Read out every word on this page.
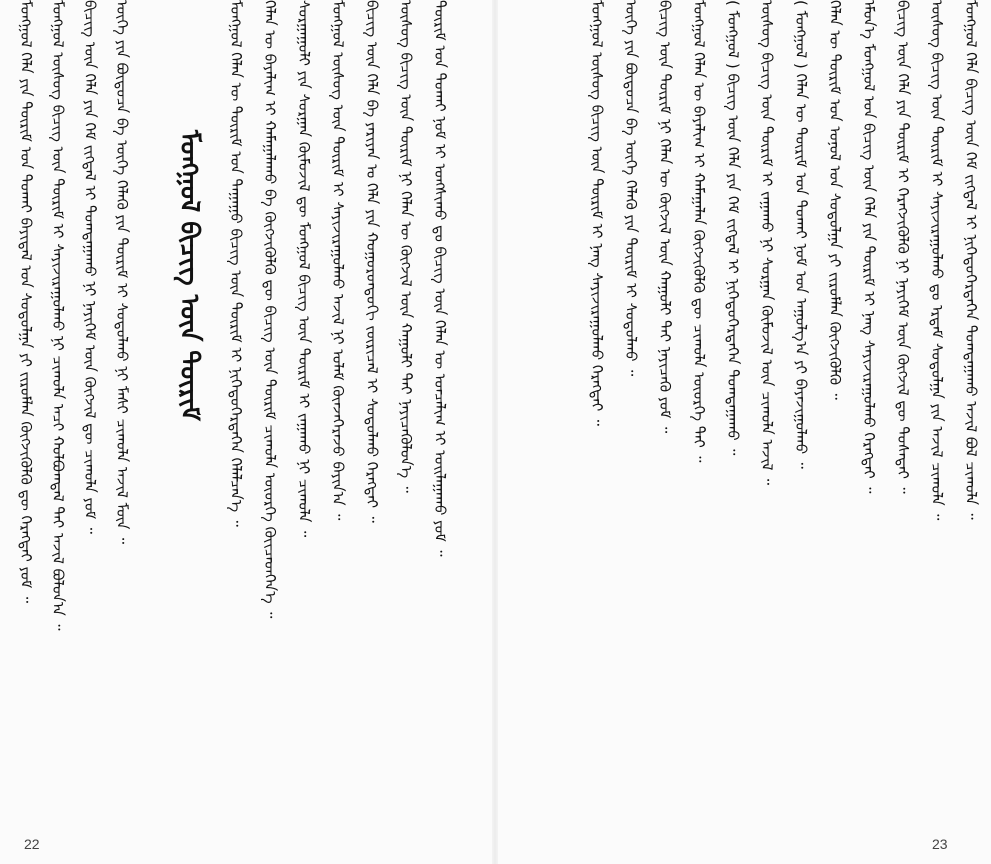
ᠮᠣᠩᠭᠣᠯ ᠬᠡᠯᠡ ᠶᠢᠨ ᠳᠦᠷᠢᠮ ᠤᠨ ᠲᠤᠬᠠᠢ ᠪᠠᠶᠢᠳᠠᠯ ᠤᠨ ᠰᠤᠳᠤᠯᠭᠠ ᠶᠢ ᠵᠢᠷᠤᠮᠯᠠᠨ ᠬᠥᠭᠵᠢᠭᠦᠯᠬᠦ ᠳᠦ ᠬᠡᠷᠡᠭᠲᠡᠢ ᠶᠤᠮ ᠃ ᠮᠣᠩᠭᠣᠯ ᠦᠰᠦᠭ ᠪᠢᠴᠢᠭ ᠦᠨ ᠳᠦᠷᠢᠮ ᠢ ᠰᠠᠶᠢᠵᠢᠷᠠᠭᠤᠯᠬᠤ ᠨᠢ ᠴᠢᠬᠤᠯᠠ ᠠᠴᠢ ᠬᠣᠯᠪᠣᠭᠳᠠᠯ ᠲᠠᠢ ᠠᠵᠢᠯ ᠪᠣᠯᠤᠨ᠎ᠠ ᠃ ᠪᠢᠴᠢᠭ ᠦᠨ ᠬᠡᠯᠡ ᠶᠢᠨ ᠬᠡᠮ ᠵᠢᠭᠳᠡᠯ ᠢ ᠲᠣᠭᠲᠠᠭᠠᠬᠤ ᠨᠢ ᠨᠡᠶᠢᠭᠡᠮ ᠦᠨ ᠬᠥᠭᠵᠢᠯ ᠳᠦ ᠴᠢᠬᠤᠯᠠ ᠶᠤᠮ ᠃ ᠦᠭᠡ ᠶᠢᠨ ᠪᠦᠲᠦᠴᠡ ᠪᠠ ᠦᠭᠡ ᠬᠡᠯᠡᠬᠦ ᠶᠢᠨ ᠳᠦᠷᠢᠮ ᠢ ᠰᠤᠳᠤᠯᠬᠤ ᠨᠢ ᠮᠠᠰᠢ ᠴᠢᠬᠤᠯᠠ ᠠᠵᠢᠯ ᠮᠥᠨ ᠃ ᠮᠣᠩᠭᠣᠯ ᠪᠢᠴᠢᠭ ᠦᠨ ᠳᠦᠷᠢᠮ ᠮᠣᠩᠭᠣᠯ ᠬᠡᠯᠡᠨ ᠦ ᠳᠦᠷᠢᠮ ᠤᠨ ᠳᠠᠭᠠᠭᠤ ᠪᠢᠴᠢᠭ ᠦᠨ ᠳᠦᠷᠢᠮ ᠢ ᠨᠢᠭᠡᠳᠦᠭᠡᠷᠲᠡᠭᠡᠨ ᠬᠡᠯᠡᠯᠴᠡᠨ᠎ᠡ ᠃ ᠬᠡᠯᠡᠨ ᠦ ᠪᠠᠶᠠᠯᠢᠭ ᠢ ᠬᠠᠮᠠᠭᠠᠯᠠᠬᠤ ᠪᠠ ᠬᠥᠭᠵᠢᠭᠦᠯᠬᠦ ᠳᠦ ᠪᠢᠴᠢᠭ ᠦᠨ ᠳᠦᠷᠢᠮ ᠴᠢᠬᠤᠯᠠ ᠦᠦᠷᠭᠡ ᠭᠦᠢᠴᠡᠳᠭᠡᠨ᠎ᠡ ᠃ ᠰᠤᠷᠭᠠᠭᠤᠯᠢ ᠶᠢᠨ ᠰᠤᠷᠭᠠᠨ ᠬᠦᠮᠦᠵᠢᠯ ᠳᠦ ᠮᠣᠩᠭᠣᠯ ᠪᠢᠴᠢᠭ ᠦᠨ ᠳᠦᠷᠢᠮ ᠢ ᠵᠠᠭᠠᠬᠤ ᠨᠢ ᠴᠢᠬᠤᠯᠠ ᠃ ᠮᠣᠩᠭᠣᠯ ᠦᠰᠦᠭ ᠦᠨ ᠳᠦᠷᠢᠮ ᠢ ᠰᠠᠶᠢᠵᠢᠷᠠᠭᠤᠯᠬᠤ ᠠᠵᠢᠯ ᠨᠢ ᠤᠯᠠᠮ ᠭᠦᠨᠵᠡᠭᠡᠷᠡᠵᠦ ᠪᠠᠶᠢᠨ᠎ᠠ ᠃ ᠪᠢᠴᠢᠭ ᠦᠨ ᠬᠡᠯᠡ ᠪᠠ ᠶᠠᠷᠢᠶᠠᠨ ᠤ ᠬᠡᠯᠡ ᠶᠢᠨ ᠬᠣᠭᠣᠷᠤᠨᠳᠤᠬᠢ ᠵᠥᠷᠢᠴᠡᠯ ᠢ ᠰᠤᠳᠤᠯᠬᠤ ᠬᠡᠷᠡᠭᠲᠡᠢ ᠃ ᠦᠰᠦᠭ ᠪᠢᠴᠢᠭ ᠦᠨ ᠳᠦᠷᠢᠮ ᠨᠢ ᠬᠡᠯᠡᠨ ᠦ ᠬᠥᠭᠵᠢᠯ ᠦᠨ ᠬᠠᠭᠤᠯᠢ ᠲᠠᠢ ᠨᠡᠶᠢᠴᠡᠭᠦᠯᠦᠨ᠎ᠡ ᠃ ᠳᠦᠷᠢᠮ ᠤᠨ ᠲᠤᠬᠠᠢ ᠨᠣᠮ ᠢ ᠤᠩᠰᠢᠬᠤ ᠳᠤ ᠪᠢᠴᠢᠭ ᠦᠨ ᠬᠡᠯᠡᠨ ᠦ ᠣᠨᠴᠠᠯᠢᠭ ᠢ ᠣᠢᠯᠠᠭᠠᠬᠤ ᠶᠤᠮ ᠃
22
ᠮᠣᠩᠭᠣᠯ ᠬᠡᠯᠡ ᠪᠢᠴᠢᠭ ᠦᠨ ᠬᠡᠮ ᠵᠢᠭᠳᠡᠯ ᠢ ᠨᠢᠭᠡᠳᠦᠭᠡᠷᠲᠡᠭᠡᠨ ᠲᠣᠭᠲᠠᠭᠠᠬᠤ ᠠᠵᠢᠯ ᠪᠣᠯ ᠴᠢᠬᠤᠯᠠ ᠃
ᠦᠰᠦᠭ ᠪᠢᠴᠢᠭ ᠦᠨ ᠳᠦᠷᠢᠮ ᠢ ᠰᠠᠶᠢᠵᠢᠷᠠᠭᠤᠯᠬᠤ ᠳᠤ ᠡᠷᠳᠡᠮ ᠰᠤᠳᠤᠯᠭᠠ ᠶᠢᠨ ᠠᠵᠢᠯ ᠴᠢᠬᠤᠯᠠ ᠃
ᠪᠢᠴᠢᠭ ᠦᠨ ᠬᠡᠯᠡ ᠶᠢᠨ ᠳᠦᠷᠢᠮ ᠢ ᠬᠡᠷᠡᠭᠵᠢᠭᠦᠯᠬᠦ ᠨᠢ ᠨᠡᠶᠢᠭᠡᠮ ᠦᠨ ᠬᠥᠭᠵᠢᠯ ᠳᠦ ᠲᠤᠰᠠᠲᠠᠢ ᠃
ᠡᠮᠦᠨ᠎ᠡ ᠮᠣᠩᠭᠣᠯ ᠤᠨ ᠪᠢᠴᠢᠭ ᠦᠨ ᠬᠡᠯᠡ ᠶᠢᠨ ᠳᠦᠷᠢᠮ ᠢ ᠨᠡᠩ ᠰᠠᠶᠢᠵᠢᠷᠠᠭᠤᠯᠬᠤ ᠬᠡᠷᠡᠭᠲᠡᠢ ᠃
ᠬᠡᠯᠡᠨ ᠦ ᠳᠦᠷᠢᠮ ᠤᠨ ᠣᠨᠣᠯ ᠤᠨ ᠰᠤᠳᠤᠯᠭᠠ ᠶᠢ ᠵᠢᠷᠤᠮᠯᠠᠨ ᠬᠥᠭᠵᠢᠭᠦᠯᠬᠦ ᠃
( ᠮᠣᠩᠭᠣᠯ ) ᠬᠡᠯᠡᠨ ᠦ ᠳᠦᠷᠢᠮ ᠤᠨ ᠲᠤᠬᠠᠢ ᠨᠣᠮ ᠤᠨ ᠠᠭᠤᠯᠭ᠎ᠠ ᠶᠢ ᠪᠠᠶᠠᠵᠢᠭᠤᠯᠬᠤ ᠃
ᠦᠰᠦᠭ ᠪᠢᠴᠢᠭ ᠦᠨ ᠳᠦᠷᠢᠮ ᠢ ᠵᠠᠭᠠᠬᠤ ᠨᠢ ᠰᠤᠷᠭᠠᠨ ᠬᠦᠮᠦᠵᠢᠯ ᠦᠨ ᠴᠢᠬᠤᠯᠠ ᠠᠵᠢᠯ ᠃
( ᠮᠣᠩᠭᠣᠯ ) ᠪᠢᠴᠢᠭ ᠦᠨ ᠬᠡᠯᠡ ᠶᠢᠨ ᠬᠡᠮ ᠵᠢᠭᠳᠡᠯ ᠢ ᠨᠢᠭᠡᠳᠦᠭᠡᠷᠲᠡᠭᠡᠨ ᠲᠣᠭᠲᠠᠭᠠᠬᠤ ᠃
ᠮᠣᠩᠭᠣᠯ ᠬᠡᠯᠡᠨ ᠦ ᠪᠠᠶᠠᠯᠢᠭ ᠢ ᠬᠠᠮᠠᠭᠠᠯᠠᠨ ᠬᠥᠭᠵᠢᠭᠦᠯᠬᠦ ᠳᠦ ᠴᠢᠬᠤᠯᠠ ᠦᠦᠷᠭᠡ ᠲᠠᠢ ᠃
ᠪᠢᠴᠢᠭ ᠦᠨ ᠳᠦᠷᠢᠮ ᠨᠢ ᠬᠡᠯᠡᠨ ᠦ ᠬᠥᠭᠵᠢᠯ ᠦᠨ ᠬᠠᠭᠤᠯᠢ ᠲᠠᠢ ᠨᠡᠶᠢᠴᠡᠬᠦ ᠶᠤᠮ ᠃
ᠦᠭᠡ ᠶᠢᠨ ᠪᠦᠲᠦᠴᠡ ᠪᠠ ᠦᠭᠡ ᠬᠡᠯᠡᠬᠦ ᠶᠢᠨ ᠳᠦᠷᠢᠮ ᠢ ᠰᠤᠳᠤᠯᠬᠤ ᠃
ᠮᠣᠩᠭᠣᠯ ᠦᠰᠦᠭ ᠪᠢᠴᠢᠭ ᠦᠨ ᠳᠦᠷᠢᠮ ᠢ ᠨᠡᠩ ᠰᠠᠶᠢᠵᠢᠷᠠᠭᠤᠯᠬᠤ ᠬᠡᠷᠡᠭᠲᠡᠢ ᠃
23
